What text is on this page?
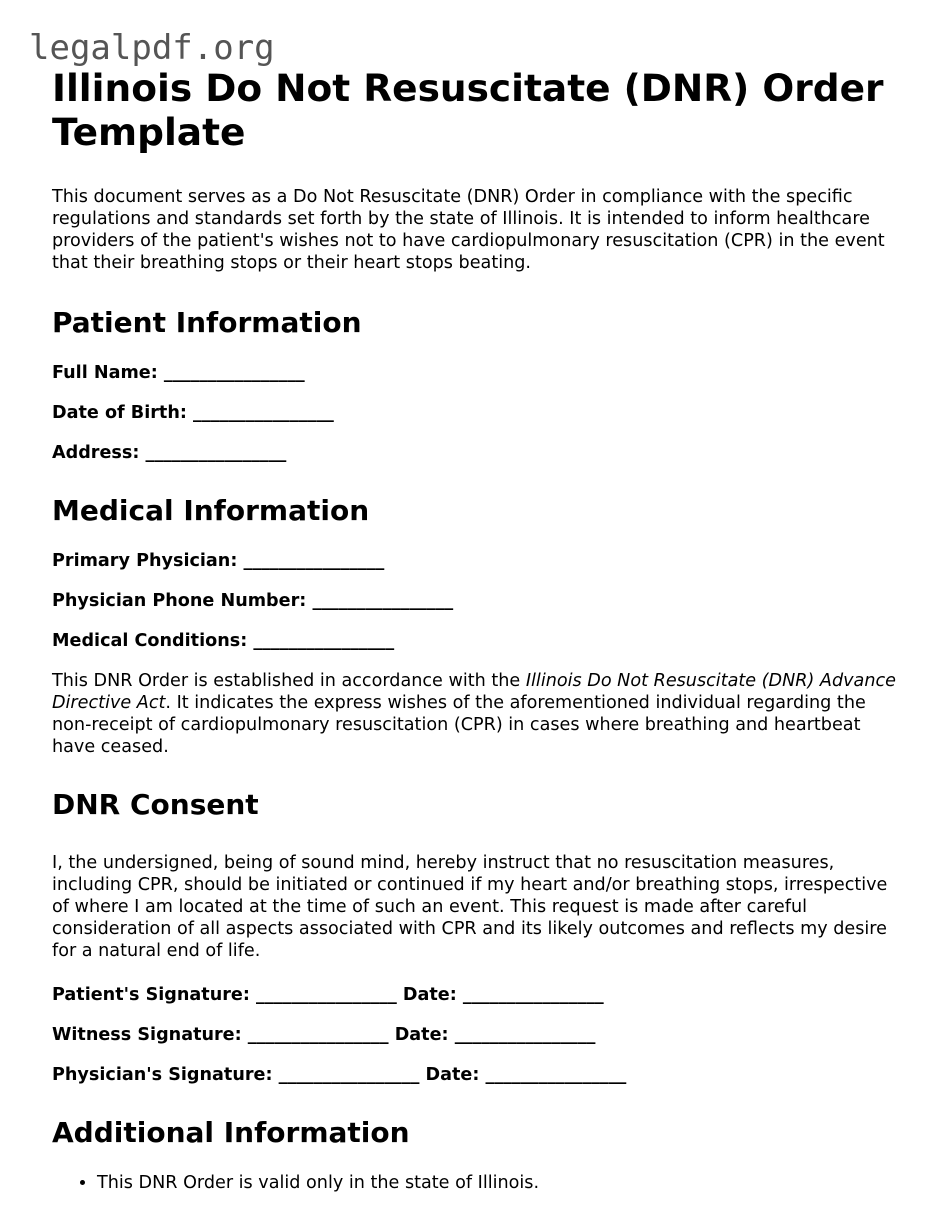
legalpdf.org
Illinois Do Not Resuscitate (DNR) Order Template

This document serves as a Do Not Resuscitate (DNR) Order in compliance with the specific regulations and standards set forth by the state of Illinois. It is intended to inform healthcare providers of the patient's wishes not to have cardiopulmonary resuscitation (CPR) in the event that their breathing stops or their heart stops beating.

Patient Information

Full Name: ________________

Date of Birth: ________________

Address: ________________

Medical Information

Primary Physician: ________________

Physician Phone Number: ________________

Medical Conditions: ________________

This DNR Order is established in accordance with the Illinois Do Not Resuscitate (DNR) Advance Directive Act. It indicates the express wishes of the aforementioned individual regarding the non-receipt of cardiopulmonary resuscitation (CPR) in cases where breathing and heartbeat have ceased.

DNR Consent

I, the undersigned, being of sound mind, hereby instruct that no resuscitation measures, including CPR, should be initiated or continued if my heart and/or breathing stops, irrespective of where I am located at the time of such an event. This request is made after careful consideration of all aspects associated with CPR and its likely outcomes and reflects my desire for a natural end of life.

Patient's Signature: ________________ Date: ________________

Witness Signature: ________________ Date: ________________

Physician's Signature: ________________ Date: ________________

Additional Information
• This DNR Order is valid only in the state of Illinois.
